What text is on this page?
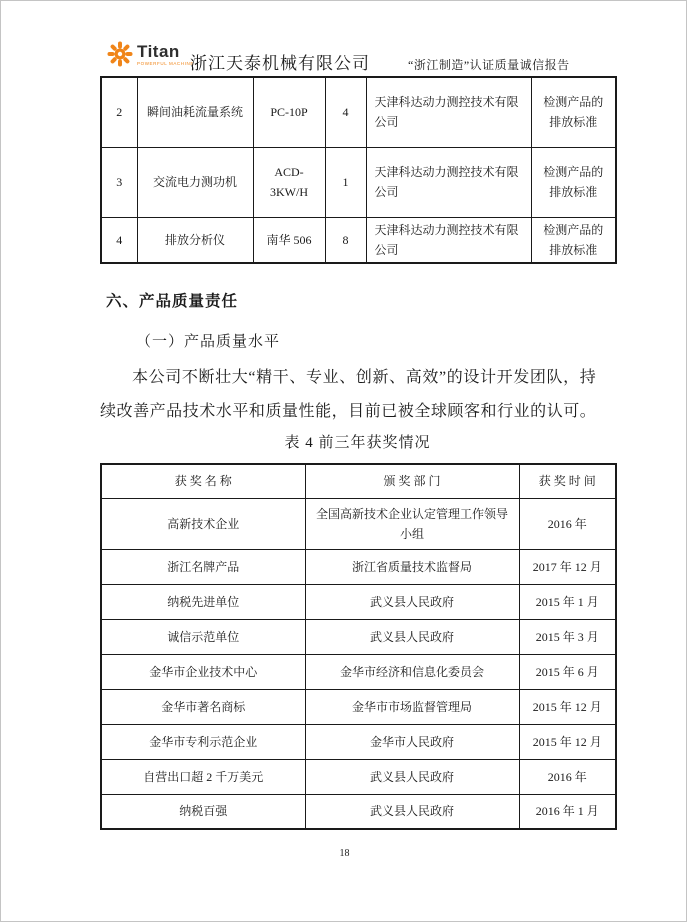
Titan
POWERFUL MACHINE
浙江天泰机械有限公司	“浙江制造”认证质量诚信报告
2	瞬间油耗流量系统	PC-10P	4	天津科达动力测控技术有限公司	检测产品的排放标准
3	交流电力测功机	ACD-3KW/H	1	天津科达动力测控技术有限公司	检测产品的排放标准
4	排放分析仪	南华 506	8	天津科达动力测控技术有限公司	检测产品的排放标准
六、产品质量责任
（一）产品质量水平
本公司不断壮大“精干、专业、创新、高效”的设计开发团队，持续改善产品技术水平和质量性能，目前已被全球顾客和行业的认可。
表 4 前三年获奖情况
获 奖 名 称	颁 奖 部 门	获 奖 时 间
高新技术企业	全国高新技术企业认定管理工作领导小组	2016 年
浙江名牌产品	浙江省质量技术监督局	2017 年 12 月
纳税先进单位	武义县人民政府	2015 年 1 月
诚信示范单位	武义县人民政府	2015 年 3 月
金华市企业技术中心	金华市经济和信息化委员会	2015 年 6 月
金华市著名商标	金华市市场监督管理局	2015 年 12 月
金华市专利示范企业	金华市人民政府	2015 年 12 月
自营出口超 2 千万美元	武义县人民政府	2016 年
纳税百强	武义县人民政府	2016 年 1 月
18
